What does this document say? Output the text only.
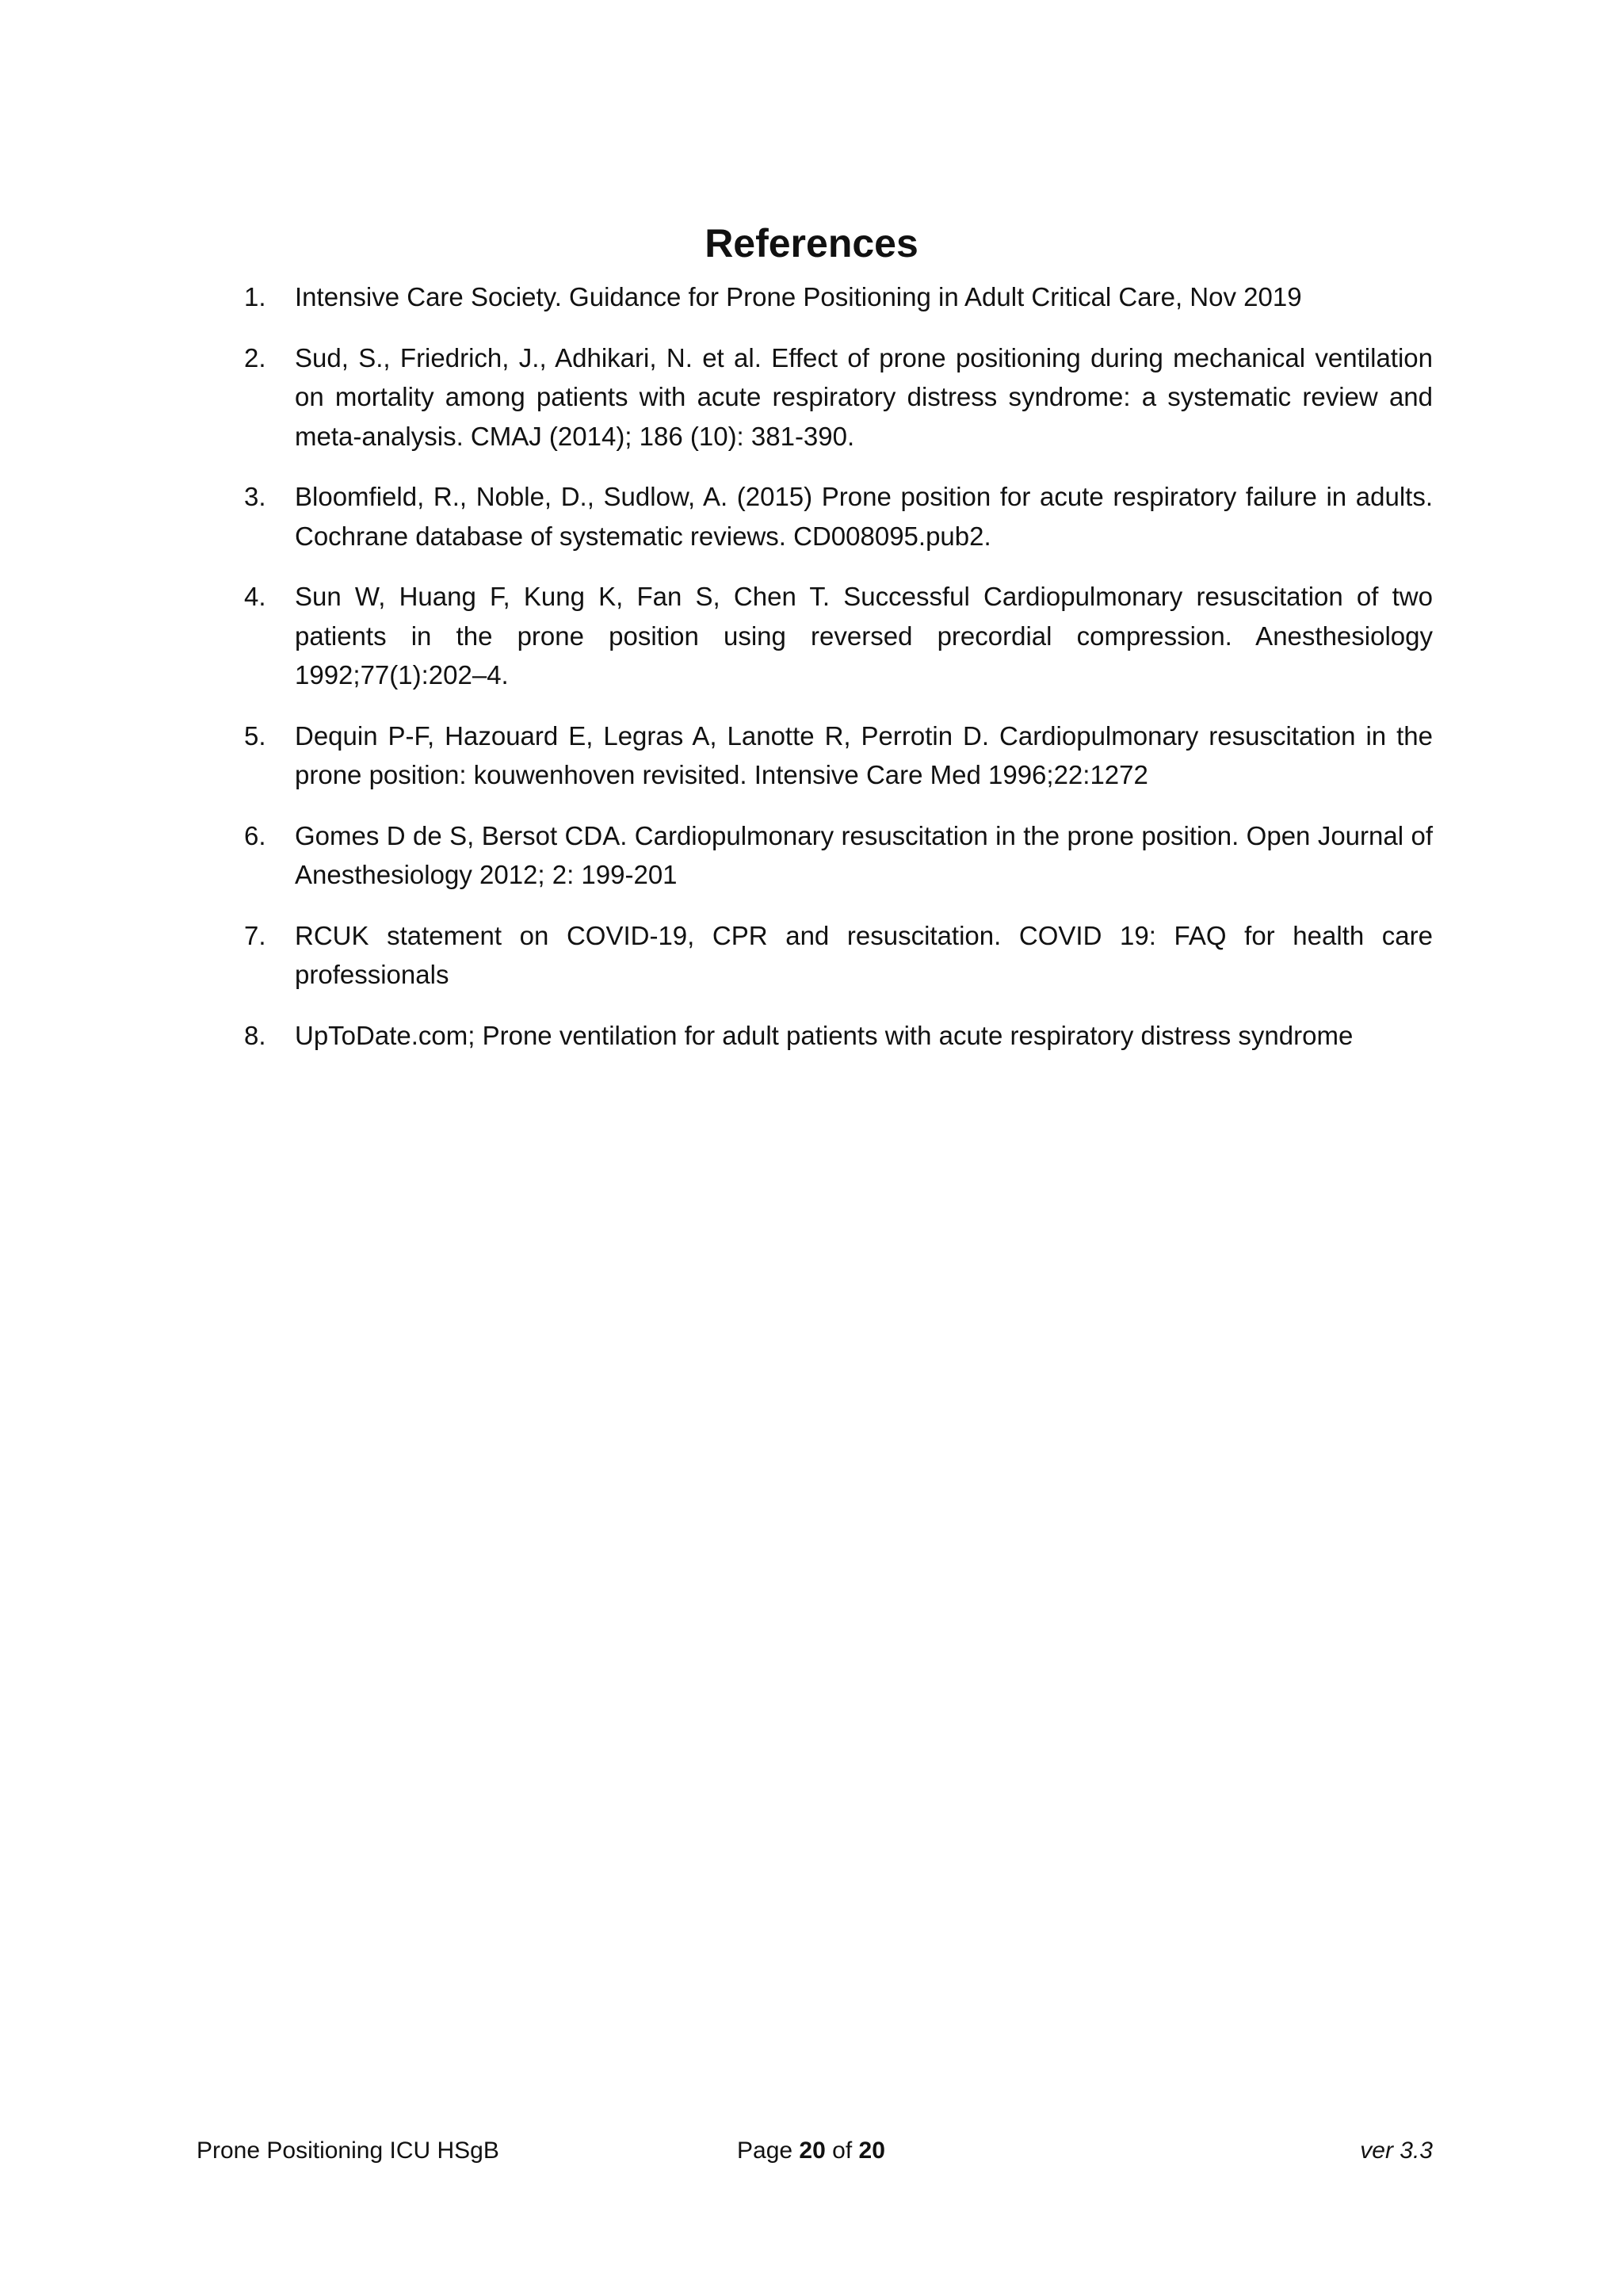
References
1.	Intensive Care Society. Guidance for Prone Positioning in Adult Critical Care, Nov 2019
2.	Sud, S., Friedrich, J., Adhikari, N. et al. Effect of prone positioning during mechanical ventilation on mortality among patients with acute respiratory distress syndrome: a systematic review and meta-analysis. CMAJ (2014); 186 (10): 381-390.
3.	Bloomfield, R., Noble, D., Sudlow, A. (2015) Prone position for acute respiratory failure in adults. Cochrane database of systematic reviews. CD008095.pub2.
4.	Sun W, Huang F, Kung K, Fan S, Chen T. Successful Cardiopulmonary resuscitation of two patients in the prone position using reversed precordial compression. Anesthesiology 1992;77(1):202–4.
5.	Dequin P-F, Hazouard E, Legras A, Lanotte R, Perrotin D. Cardiopulmonary resuscitation in the prone position: kouwenhoven revisited. Intensive Care Med 1996;22:1272
6.	Gomes D de S, Bersot CDA. Cardiopulmonary resuscitation in the prone position. Open Journal of Anesthesiology 2012; 2: 199-201
7.	RCUK statement on COVID-19, CPR and resuscitation. COVID 19: FAQ for health care professionals
8.	UpToDate.com; Prone ventilation for adult patients with acute respiratory distress syndrome
Prone Positioning ICU HSgB	Page 20 of 20	ver 3.3
